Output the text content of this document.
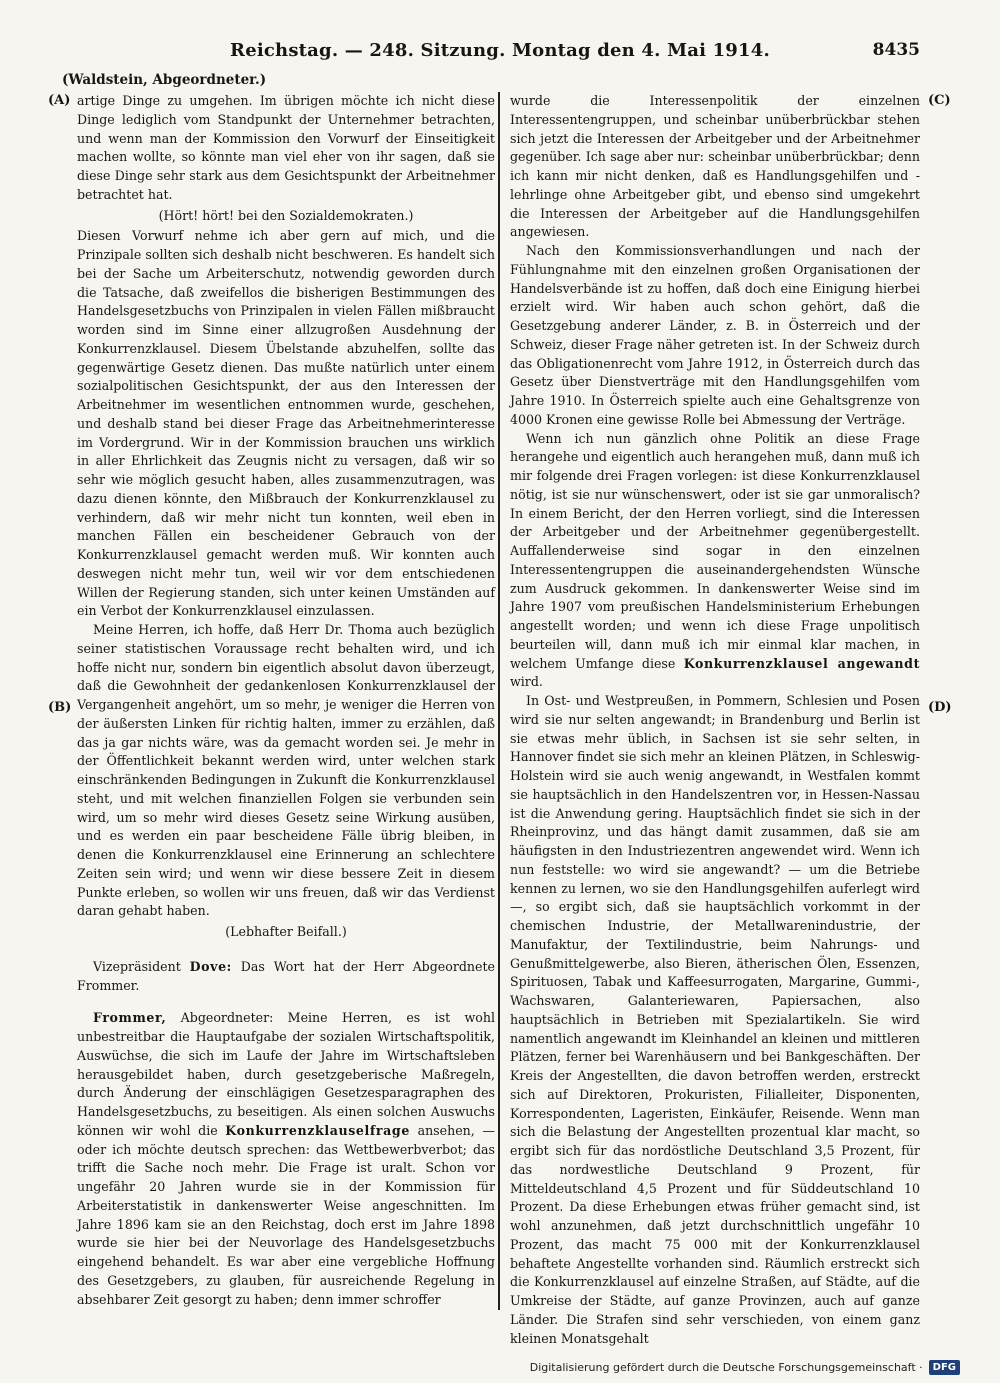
Reichstag. — 248. Sitzung. Montag den 4. Mai 1914.	8435
(Waldstein, Abgeordneter.)
(A)
(B)
(C)
(D)

artige Dinge zu umgehen. Im übrigen möchte ich nicht diese Dinge lediglich vom Standpunkt der Unternehmer betrachten, und wenn man der Kommission den Vorwurf der Einseitigkeit machen wollte, so könnte man viel eher von ihr sagen, daß sie diese Dinge sehr stark aus dem Gesichtspunkt der Arbeitnehmer betrachtet hat.

(Hört! hört! bei den Sozialdemokraten.)

Diesen Vorwurf nehme ich aber gern auf mich, und die Prinzipale sollten sich deshalb nicht beschweren. Es handelt sich bei der Sache um Arbeiterschutz, notwendig geworden durch die Tatsache, daß zweifellos die bisherigen Bestimmungen des Handelsgesetzbuchs von Prinzipalen in vielen Fällen mißbraucht worden sind im Sinne einer allzugroßen Ausdehnung der Konkurrenzklausel. Diesem Übelstande abzuhelfen, sollte das gegenwärtige Gesetz dienen. Das mußte natürlich unter einem sozialpolitischen Gesichtspunkt, der aus den Interessen der Arbeitnehmer im wesentlichen entnommen wurde, geschehen, und deshalb stand bei dieser Frage das Arbeitnehmerinteresse im Vordergrund. Wir in der Kommission brauchen uns wirklich in aller Ehrlichkeit das Zeugnis nicht zu versagen, daß wir so sehr wie möglich gesucht haben, alles zusammenzutragen, was dazu dienen könnte, den Mißbrauch der Konkurrenzklausel zu verhindern, daß wir mehr nicht tun konnten, weil eben in manchen Fällen ein bescheidener Gebrauch von der Konkurrenzklausel gemacht werden muß. Wir konnten auch deswegen nicht mehr tun, weil wir vor dem entschiedenen Willen der Regierung standen, sich unter keinen Umständen auf ein Verbot der Konkurrenzklausel einzulassen.

Meine Herren, ich hoffe, daß Herr Dr. Thoma auch bezüglich seiner statistischen Voraussage recht behalten wird, und ich hoffe nicht nur, sondern bin eigentlich absolut davon überzeugt, daß die Gewohnheit der gedankenlosen Konkurrenzklausel der Vergangenheit angehört, um so mehr, je weniger die Herren von der äußersten Linken für richtig halten, immer zu erzählen, daß das ja gar nichts wäre, was da gemacht worden sei. Je mehr in der Öffentlichkeit bekannt werden wird, unter welchen stark einschränkenden Bedingungen in Zukunft die Konkurrenzklausel steht, und mit welchen finanziellen Folgen sie verbunden sein wird, um so mehr wird dieses Gesetz seine Wirkung ausüben, und es werden ein paar bescheidene Fälle übrig bleiben, in denen die Konkurrenzklausel eine Erinnerung an schlechtere Zeiten sein wird; und wenn wir diese bessere Zeit in diesem Punkte erleben, so wollen wir uns freuen, daß wir das Verdienst daran gehabt haben.

(Lebhafter Beifall.)

Vizepräsident Dove: Das Wort hat der Herr Abgeordnete Frommer.

Frommer, Abgeordneter: Meine Herren, es ist wohl unbestreitbar die Hauptaufgabe der sozialen Wirtschaftspolitik, Auswüchse, die sich im Laufe der Jahre im Wirtschaftsleben herausgebildet haben, durch gesetzgeberische Maßregeln, durch Änderung der einschlägigen Gesetzesparagraphen des Handelsgesetzbuchs, zu beseitigen. Als einen solchen Auswuchs können wir wohl die Konkurrenzklauselfrage ansehen, — oder ich möchte deutsch sprechen: das Wettbewerbverbot; das trifft die Sache noch mehr. Die Frage ist uralt. Schon vor ungefähr 20 Jahren wurde sie in der Kommission für Arbeiterstatistik in dankenswerter Weise angeschnitten. Im Jahre 1896 kam sie an den Reichstag, doch erst im Jahre 1898 wurde sie hier bei der Neuvorlage des Handelsgesetzbuchs eingehend behandelt. Es war aber eine vergebliche Hoffnung des Gesetzgebers, zu glauben, für ausreichende Regelung in absehbarer Zeit gesorgt zu haben; denn immer schroffer

wurde die Interessenpolitik der einzelnen Interessentengruppen, und scheinbar unüberbrückbar stehen sich jetzt die Interessen der Arbeitgeber und der Arbeitnehmer gegenüber. Ich sage aber nur: scheinbar unüberbrückbar; denn ich kann mir nicht denken, daß es Handlungsgehilfen und -lehrlinge ohne Arbeitgeber gibt, und ebenso sind umgekehrt die Interessen der Arbeitgeber auf die Handlungsgehilfen angewiesen.

Nach den Kommissionsverhandlungen und nach der Fühlungnahme mit den einzelnen großen Organisationen der Handelsverbände ist zu hoffen, daß doch eine Einigung hierbei erzielt wird. Wir haben auch schon gehört, daß die Gesetzgebung anderer Länder, z. B. in Österreich und der Schweiz, dieser Frage näher getreten ist. In der Schweiz durch das Obligationenrecht vom Jahre 1912, in Österreich durch das Gesetz über Dienstverträge mit den Handlungsgehilfen vom Jahre 1910. In Österreich spielte auch eine Gehaltsgrenze von 4000 Kronen eine gewisse Rolle bei Abmessung der Verträge.

Wenn ich nun gänzlich ohne Politik an diese Frage herangehe und eigentlich auch herangehen muß, dann muß ich mir folgende drei Fragen vorlegen: ist diese Konkurrenzklausel nötig, ist sie nur wünschenswert, oder ist sie gar unmoralisch? In einem Bericht, der den Herren vorliegt, sind die Interessen der Arbeitgeber und der Arbeitnehmer gegenübergestellt. Auffallenderweise sind sogar in den einzelnen Interessentengruppen die auseinandergehendsten Wünsche zum Ausdruck gekommen. In dankenswerter Weise sind im Jahre 1907 vom preußischen Handelsministerium Erhebungen angestellt worden; und wenn ich diese Frage unpolitisch beurteilen will, dann muß ich mir einmal klar machen, in welchem Umfange diese Konkurrenzklausel angewandt wird.

In Ost- und Westpreußen, in Pommern, Schlesien und Posen wird sie nur selten angewandt; in Brandenburg und Berlin ist sie etwas mehr üblich, in Sachsen ist sie sehr selten, in Hannover findet sie sich mehr an kleinen Plätzen, in Schleswig-Holstein wird sie auch wenig angewandt, in Westfalen kommt sie hauptsächlich in den Handelszentren vor, in Hessen-Nassau ist die Anwendung gering. Hauptsächlich findet sie sich in der Rheinprovinz, und das hängt damit zusammen, daß sie am häufigsten in den Industriezentren angewendet wird. Wenn ich nun feststelle: wo wird sie angewandt? — um die Betriebe kennen zu lernen, wo sie den Handlungsgehilfen auferlegt wird —, so ergibt sich, daß sie hauptsächlich vorkommt in der chemischen Industrie, der Metallwarenindustrie, der Manufaktur, der Textilindustrie, beim Nahrungs- und Genußmittelgewerbe, also Bieren, ätherischen Ölen, Essenzen, Spirituosen, Tabak und Kaffeesurrogaten, Margarine, Gummi-, Wachswaren, Galanteriewaren, Papiersachen, also hauptsächlich in Betrieben mit Spezialartikeln. Sie wird namentlich angewandt im Kleinhandel an kleinen und mittleren Plätzen, ferner bei Warenhäusern und bei Bankgeschäften. Der Kreis der Angestellten, die davon betroffen werden, erstreckt sich auf Direktoren, Prokuristen, Filialleiter, Disponenten, Korrespondenten, Lageristen, Einkäufer, Reisende. Wenn man sich die Belastung der Angestellten prozentual klar macht, so ergibt sich für das nordöstliche Deutschland 3,5 Prozent, für das nordwestliche Deutschland 9 Prozent, für Mitteldeutschland 4,5 Prozent und für Süddeutschland 10 Prozent. Da diese Erhebungen etwas früher gemacht sind, ist wohl anzunehmen, daß jetzt durchschnittlich ungefähr 10 Prozent, das macht 75 000 mit der Konkurrenzklausel behaftete Angestellte vorhanden sind. Räumlich erstreckt sich die Konkurrenzklausel auf einzelne Straßen, auf Städte, auf die Umkreise der Städte, auf ganze Provinzen, auch auf ganze Länder. Die Strafen sind sehr verschieden, von einem ganz kleinen Monatsgehalt

Digitalisierung gefördert durch die Deutsche Forschungsgemeinschaft ·	DFG
